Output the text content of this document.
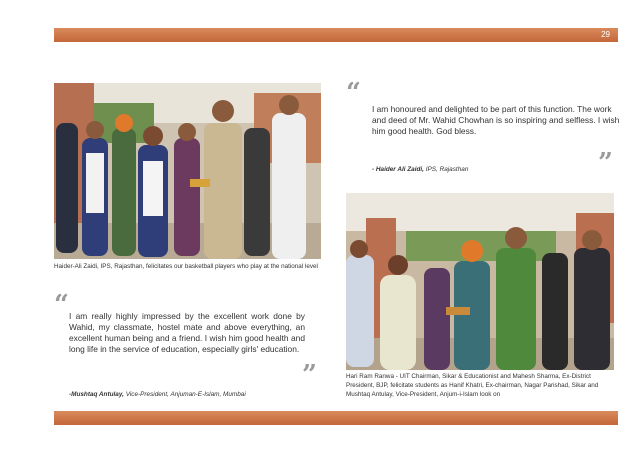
29
Haider-Ali Zaidi, IPS, Rajasthan, felicitates our basketball players who play at the national level
“
I am honoured and delighted to be part of this function. The work and deed of Mr. Wahid Chowhan is so inspiring and selfless. I wish him good health. God bless.
”
- Haider Ali Zaidi, IPS, Rajasthan
Hari Ram Ranwa - UIT Chairman, Sikar & Educationist and Mahesh Sharma, Ex-District President, BJP, felicitate students as Hanif Khatri, Ex-chairman, Nagar Parishad, Sikar and Mushtaq Antulay, Vice-President, Anjum-i-Islam look on
“ I am really highly impressed by the excellent work done by Wahid, my classmate, hostel mate and above everything, an excellent human being and a friend. I wish him good health and long life in the service of education, especially girls' education.
”
-Mushtaq Antulay, Vice-President, Anjuman-E-Islam, Mumbai
